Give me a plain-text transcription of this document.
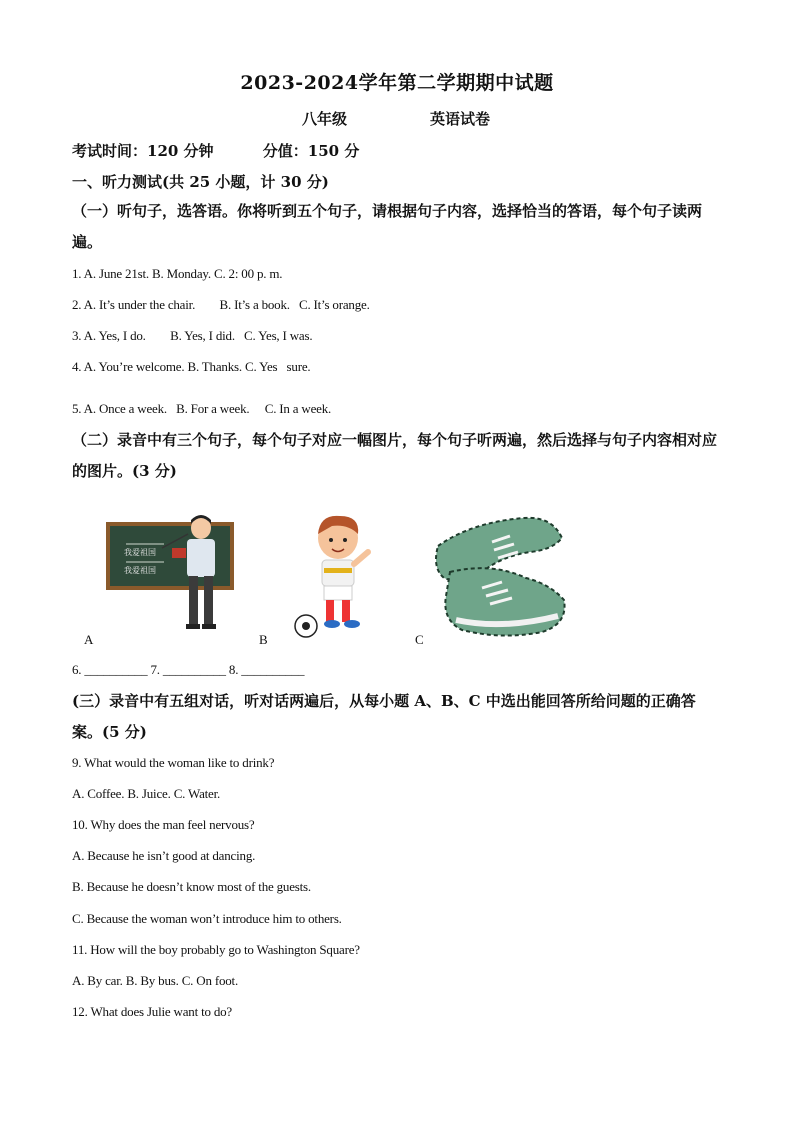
2023-2024学年第二学期期中试题
八年级	英语试卷
考试时间：120 分钟	分值：150 分
一、听力测试(共 25 小题，计 30 分)
（一）听句子，选答语。你将听到五个句子，请根据句子内容，选择恰当的答语，每个句子读两遍。
1. A. June 21st. B. Monday. C. 2: 00 p. m.
2. A. It’s under the chair.        B. It’s a book.   C. It’s orange.
3. A. Yes, I do.        B. Yes, I did.   C. Yes, I was.
4. A. You’re welcome. B. Thanks. C. Yes   sure.
5. A. Once a week.   B. For a week.     C. In a week.
（二）录音中有三个句子，每个句子对应一幅图片，每个句子听两遍，然后选择与句子内容相对应的图片。(3 分)
我爱祖国
我爱祖国
A	B	C
6. __________ 7. __________ 8. __________
(三）录音中有五组对话，听对话两遍后，从每小题 A、B、C 中选出能回答所给问题的正确答案。(5 分)
9. What would the woman like to drink?
A. Coffee. B. Juice. C. Water.
10. Why does the man feel nervous?
A. Because he isn’t good at dancing.
B. Because he doesn’t know most of the guests.
C. Because the woman won’t introduce him to others.
11. How will the boy probably go to Washington Square?
A. By car. B. By bus. C. On foot.
12. What does Julie want to do?
